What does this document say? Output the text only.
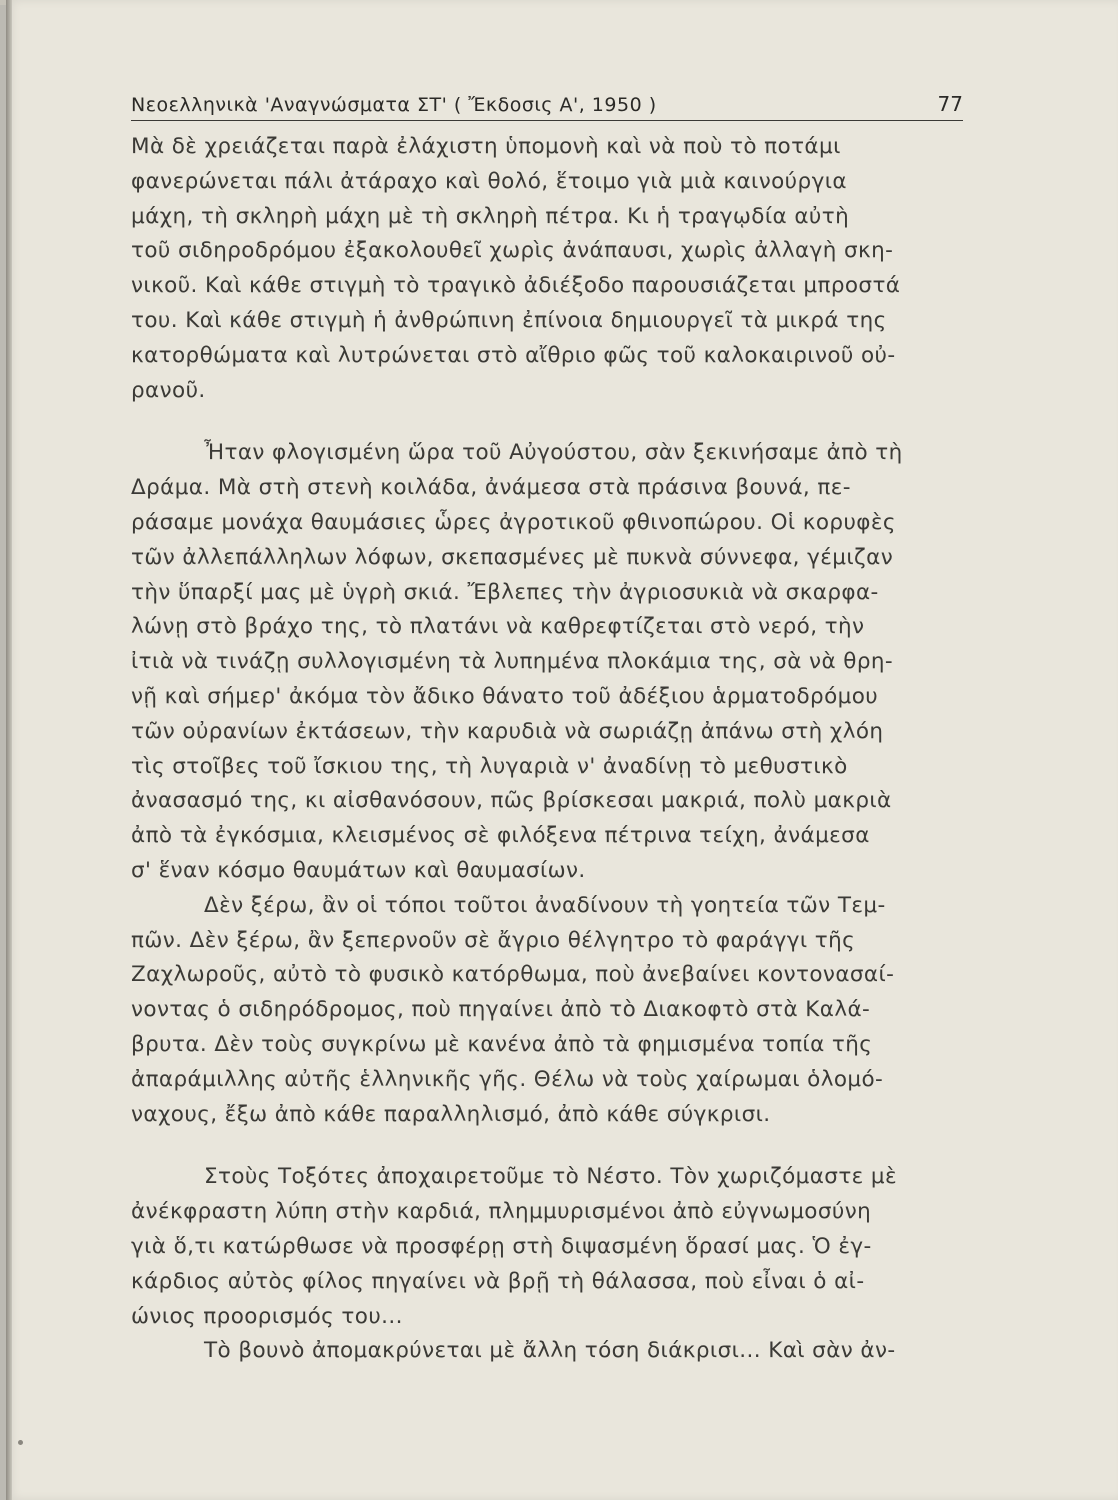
Νεοελληνικὰ 'Αναγνώσματα ΣΤ' ( Ἔκδοσις Α', 1950 )	77
Μὰ δὲ χρειάζεται παρὰ ἐλάχιστη ὑπομονὴ καὶ νὰ ποὺ τὸ ποτάμι
φανερώνεται πάλι ἀτάραχο καὶ θολό, ἕτοιμο γιὰ μιὰ καινούργια
μάχη, τὴ σκληρὴ μάχη μὲ τὴ σκληρὴ πέτρα. Κι ἡ τραγῳδία αὐτὴ
τοῦ σιδηροδρόμου ἐξακολουθεῖ χωρὶς ἀνάπαυσι, χωρὶς ἀλλαγὴ σκη-
νικοῦ. Καὶ κάθε στιγμὴ τὸ τραγικὸ ἀδιέξοδο παρουσιάζεται μπροστά
του. Καὶ κάθε στιγμὴ ἡ ἀνθρώπινη ἐπίνοια δημιουργεῖ τὰ μικρά της
κατορθώματα καὶ λυτρώνεται στὸ αἴθριο φῶς τοῦ καλοκαιρινοῦ οὐ-
ρανοῦ.
Ἦταν φλογισμένη ὥρα τοῦ Αὐγούστου, σὰν ξεκινήσαμε ἀπὸ τὴ
Δράμα. Μὰ στὴ στενὴ κοιλάδα, ἀνάμεσα στὰ πράσινα βουνά, πε-
ράσαμε μονάχα θαυμάσιες ὧρες ἀγροτικοῦ φθινοπώρου. Οἱ κορυφὲς
τῶν ἀλλεπάλληλων λόφων, σκεπασμένες μὲ πυκνὰ σύννεφα, γέμιζαν
τὴν ὕπαρξί μας μὲ ὑγρὴ σκιά. Ἔβλεπες τὴν ἀγριοσυκιὰ νὰ σκαρφα-
λώνῃ στὸ βράχο της, τὸ πλατάνι νὰ καθρεφτίζεται στὸ νερό, τὴν
ἰτιὰ νὰ τινάζῃ συλλογισμένη τὰ λυπημένα πλοκάμια της, σὰ νὰ θρη-
νῇ καὶ σήμερ' ἀκόμα τὸν ἄδικο θάνατο τοῦ ἀδέξιου ἁρματοδρόμου
τῶν οὐρανίων ἐκτάσεων, τὴν καρυδιὰ νὰ σωριάζῃ ἀπάνω στὴ χλόη
τὶς στοῖβες τοῦ ἴσκιου της, τὴ λυγαριὰ ν' ἀναδίνῃ τὸ μεθυστικὸ
ἀνασασμό της, κι αἰσθανόσουν, πῶς βρίσκεσαι μακριά, πολὺ μακριὰ
ἀπὸ τὰ ἐγκόσμια, κλεισμένος σὲ φιλόξενα πέτρινα τείχη, ἀνάμεσα
σ' ἕναν κόσμο θαυμάτων καὶ θαυμασίων.
Δὲν ξέρω, ἂν οἱ τόποι τοῦτοι ἀναδίνουν τὴ γοητεία τῶν Τεμ-
πῶν. Δὲν ξέρω, ἂν ξεπερνοῦν σὲ ἄγριο θέλγητρο τὸ φαράγγι τῆς
Ζαχλωροῦς, αὐτὸ τὸ φυσικὸ κατόρθωμα, ποὺ ἀνεβαίνει κοντονασαί-
νοντας ὁ σιδηρόδρομος, ποὺ πηγαίνει ἀπὸ τὸ Διακοφτὸ στὰ Καλά-
βρυτα. Δὲν τοὺς συγκρίνω μὲ κανένα ἀπὸ τὰ φημισμένα τοπία τῆς
ἀπαράμιλλης αὐτῆς ἑλληνικῆς γῆς. Θέλω νὰ τοὺς χαίρωμαι ὁλομό-
ναχους, ἔξω ἀπὸ κάθε παραλληλισμό, ἀπὸ κάθε σύγκρισι.
Στοὺς Τοξότες ἀποχαιρετοῦμε τὸ Νέστο. Τὸν χωριζόμαστε μὲ
ἀνέκφραστη λύπη στὴν καρδιά, πλημμυρισμένοι ἀπὸ εὐγνωμοσύνη
γιὰ ὅ,τι κατώρθωσε νὰ προσφέρῃ στὴ διψασμένη ὅρασί μας. Ὁ ἐγ-
κάρδιος αὐτὸς φίλος πηγαίνει νὰ βρῇ τὴ θάλασσα, ποὺ εἶναι ὁ αἰ-
ώνιος προορισμός του...
Τὸ βουνὸ ἀπομακρύνεται μὲ ἄλλη τόση διάκρισι... Καὶ σὰν ἀν-
